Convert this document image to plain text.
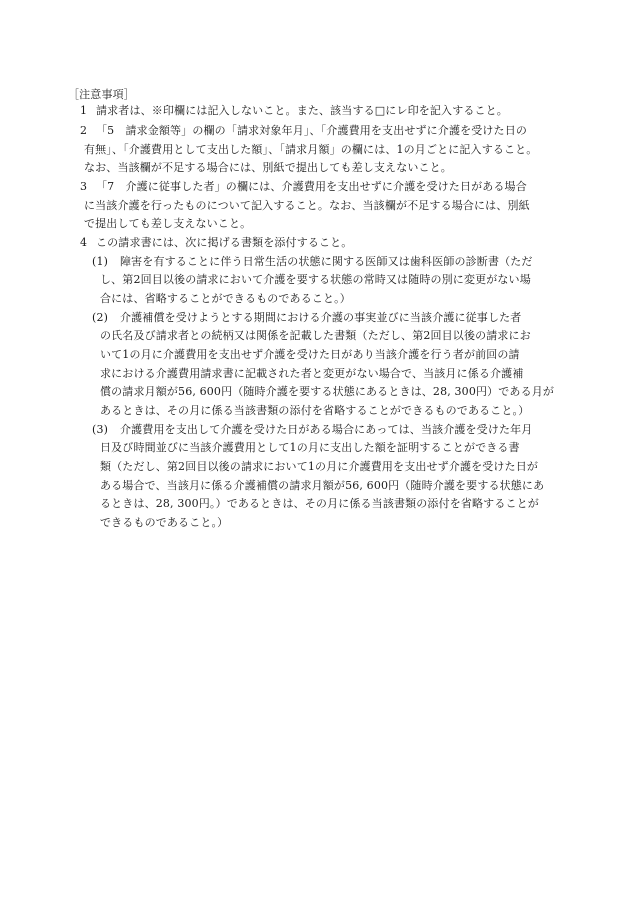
［注意事項］
1 請求者は、※印欄には記入しないこと。また、該当する□にレ印を記入すること。
2 「5　請求金額等」の欄の「請求対象年月」、「介護費用を支出せずに介護を受けた日の
有無」、「介護費用として支出した額」、「請求月額」の欄には、1の月ごとに記入すること。
なお、当該欄が不足する場合には、別紙で提出しても差し支えないこと。
3 「7　介護に従事した者」の欄には、介護費用を支出せずに介護を受けた日がある場合
に当該介護を行ったものについて記入すること。なお、当該欄が不足する場合には、別紙
で提出しても差し支えないこと。
4 この請求書には、次に掲げる書類を添付すること。
(1) 障害を有することに伴う日常生活の状態に関する医師又は歯科医師の診断書（ただ
し、第2回目以後の請求において介護を要する状態の常時又は随時の別に変更がない場
合には、省略することができるものであること。）
(2) 介護補償を受けようとする期間における介護の事実並びに当該介護に従事した者
の氏名及び請求者との続柄又は関係を記載した書類（ただし、第2回目以後の請求にお
いて1の月に介護費用を支出せず介護を受けた日があり当該介護を行う者が前回の請
求における介護費用請求書に記載された者と変更がない場合で、当該月に係る介護補
償の請求月額が56, 600円（随時介護を要する状態にあるときは、28, 300円）である月が
あるときは、その月に係る当該書類の添付を省略することができるものであること。）
(3) 介護費用を支出して介護を受けた日がある場合にあっては、当該介護を受けた年月
日及び時間並びに当該介護費用として1の月に支出した額を証明することができる書
類（ただし、第2回目以後の請求において1の月に介護費用を支出せず介護を受けた日が
ある場合で、当該月に係る介護補償の請求月額が56, 600円（随時介護を要する状態にあ
るときは、28, 300円。）であるときは、その月に係る当該書類の添付を省略することが
できるものであること。）
